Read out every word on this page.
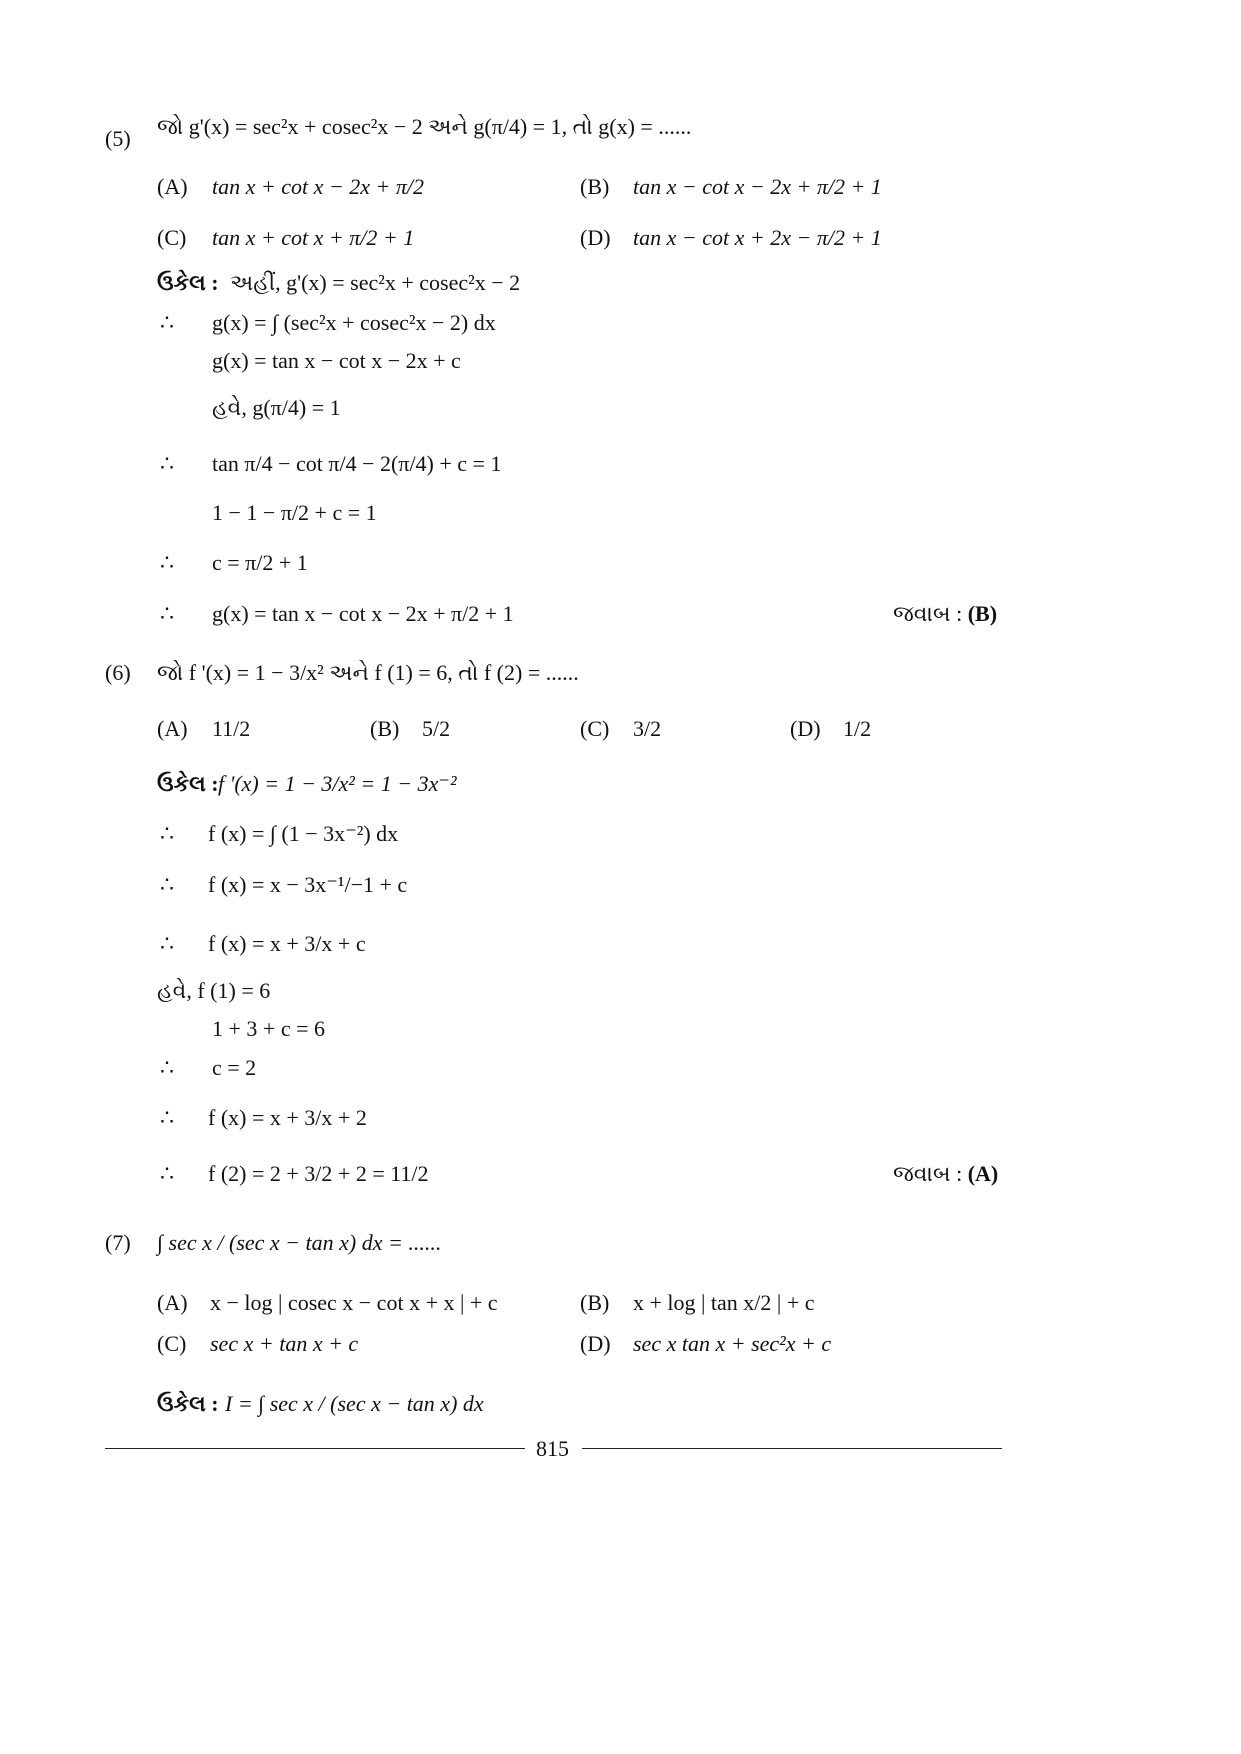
(5) જો g'(x) = sec²x + cosec²x − 2 અને g(π/4) = 1, તો g(x) = ......
(A) tan x + cot x − 2x + π/2	(B) tan x − cot x − 2x + π/2 + 1
(C) tan x + cot x + π/2 + 1	(D) tan x − cot x + 2x − π/2 + 1
ઉકેલ : અહીં, g'(x) = sec²x + cosec²x − 2
∴ g(x) = ∫ (sec²x + cosec²x − 2) dx
g(x) = tan x − cot x − 2x + c
હવે, g(π/4) = 1
∴ tan π/4 − cot π/4 − 2(π/4) + c = 1
1 − 1 − π/2 + c = 1
∴ c = π/2 + 1
∴ g(x) = tan x − cot x − 2x + π/2 + 1	જવાબ : (B)
(6) જો f '(x) = 1 − 3/x² અને f (1) = 6, તો f (2) = ......
(A) 11/2	(B) 5/2	(C) 3/2	(D) 1/2
ઉકેલ : f '(x) = 1 − 3/x² = 1 − 3x⁻²
∴ f (x) = ∫ (1 − 3x⁻²) dx
∴ f (x) = x − 3x⁻¹/−1 + c
∴ f (x) = x + 3/x + c
હવે, f (1) = 6
1 + 3 + c = 6
∴ c = 2
∴ f (x) = x + 3/x + 2
∴ f (2) = 2 + 3/2 + 2 = 11/2	જવાબ : (A)
(7) ∫ sec x / (sec x − tan x) dx = ......
(A) x − log | cosec x − cot x + x | + c	(B) x + log | tan x/2 | + c
(C) sec x + tan x + c	(D) sec x tan x + sec²x + c
ઉકેલ : I = ∫ sec x / (sec x − tan x) dx
815
